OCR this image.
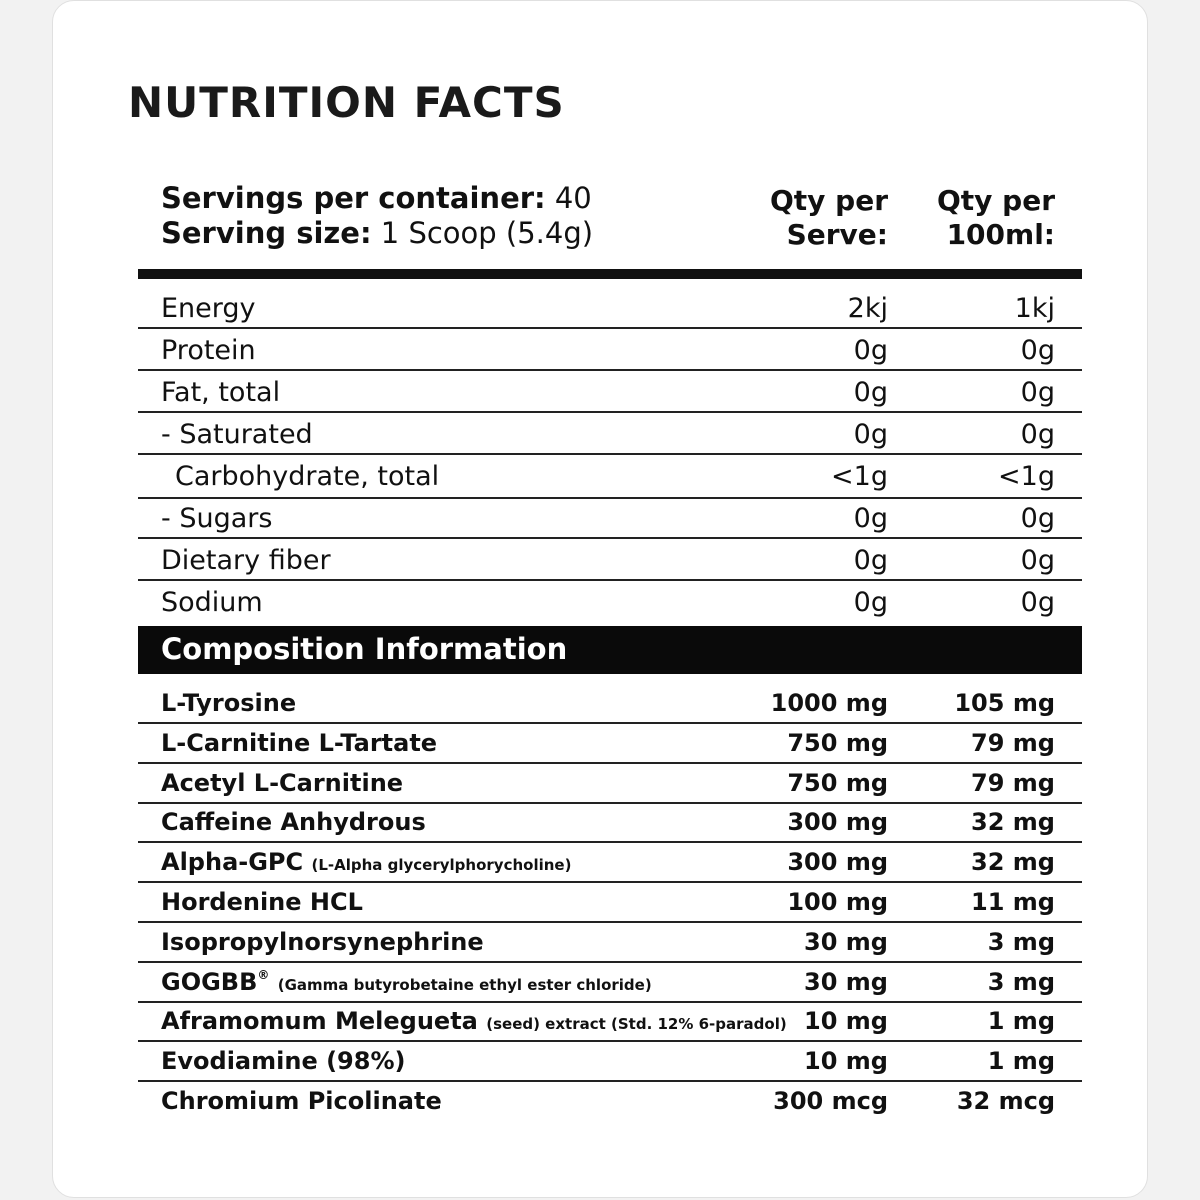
NUTRITION FACTS
Servings per container: 40
Serving size: 1 Scoop (5.4g)
Qty per
Serve:
Qty per
100ml:
Energy	2kj	1kj
Protein	0g	0g
Fat, total	0g	0g
- Saturated	0g	0g
Carbohydrate, total	<1g	<1g
- Sugars	0g	0g
Dietary fiber	0g	0g
Sodium	0g	0g
Composition Information
L-Tyrosine	1000 mg	105 mg
L-Carnitine L-Tartate	750 mg	79 mg
Acetyl L-Carnitine	750 mg	79 mg
Caffeine Anhydrous	300 mg	32 mg
Alpha-GPC (L-Alpha glycerylphorycholine)	300 mg	32 mg
Hordenine HCL	100 mg	11 mg
Isopropylnorsynephrine	30 mg	3 mg
GOGBB® (Gamma butyrobetaine ethyl ester chloride)	30 mg	3 mg
Aframomum Melegueta (seed) extract (Std. 12% 6-paradol) 10 mg	1 mg
Evodiamine (98%)	10 mg	1 mg
Chromium Picolinate	300 mcg	32 mcg
